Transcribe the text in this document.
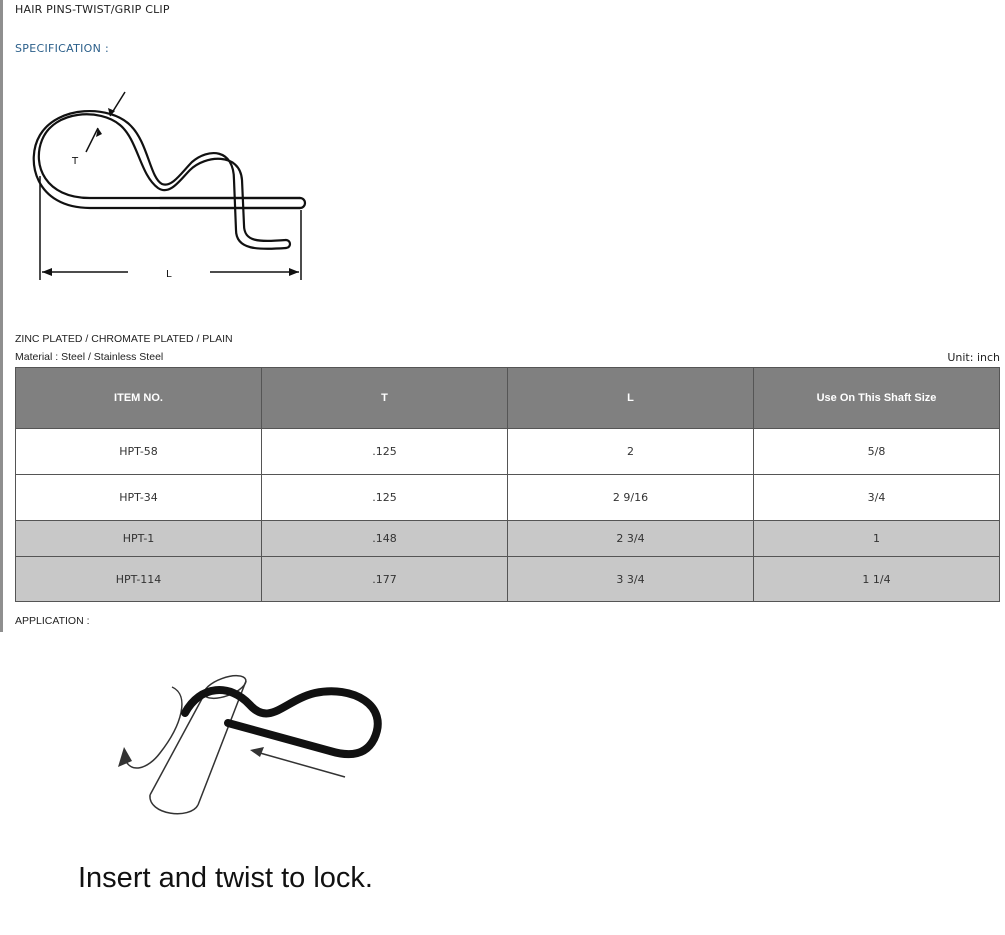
HAIR PINS-TWIST/GRIP CLIP
SPECIFICATION :
T
L
ZINC PLATED / CHROMATE PLATED / PLAIN
Material : Steel / Stainless Steel	Unit: inch
ITEM NO.	T	L	Use On This Shaft Size
HPT-58	.125	2	5/8
HPT-34	.125	2 9/16	3/4
HPT-1	.148	2 3/4	1
HPT-114	.177	3 3/4	1 1/4
APPLICATION :
Insert and twist to lock.
